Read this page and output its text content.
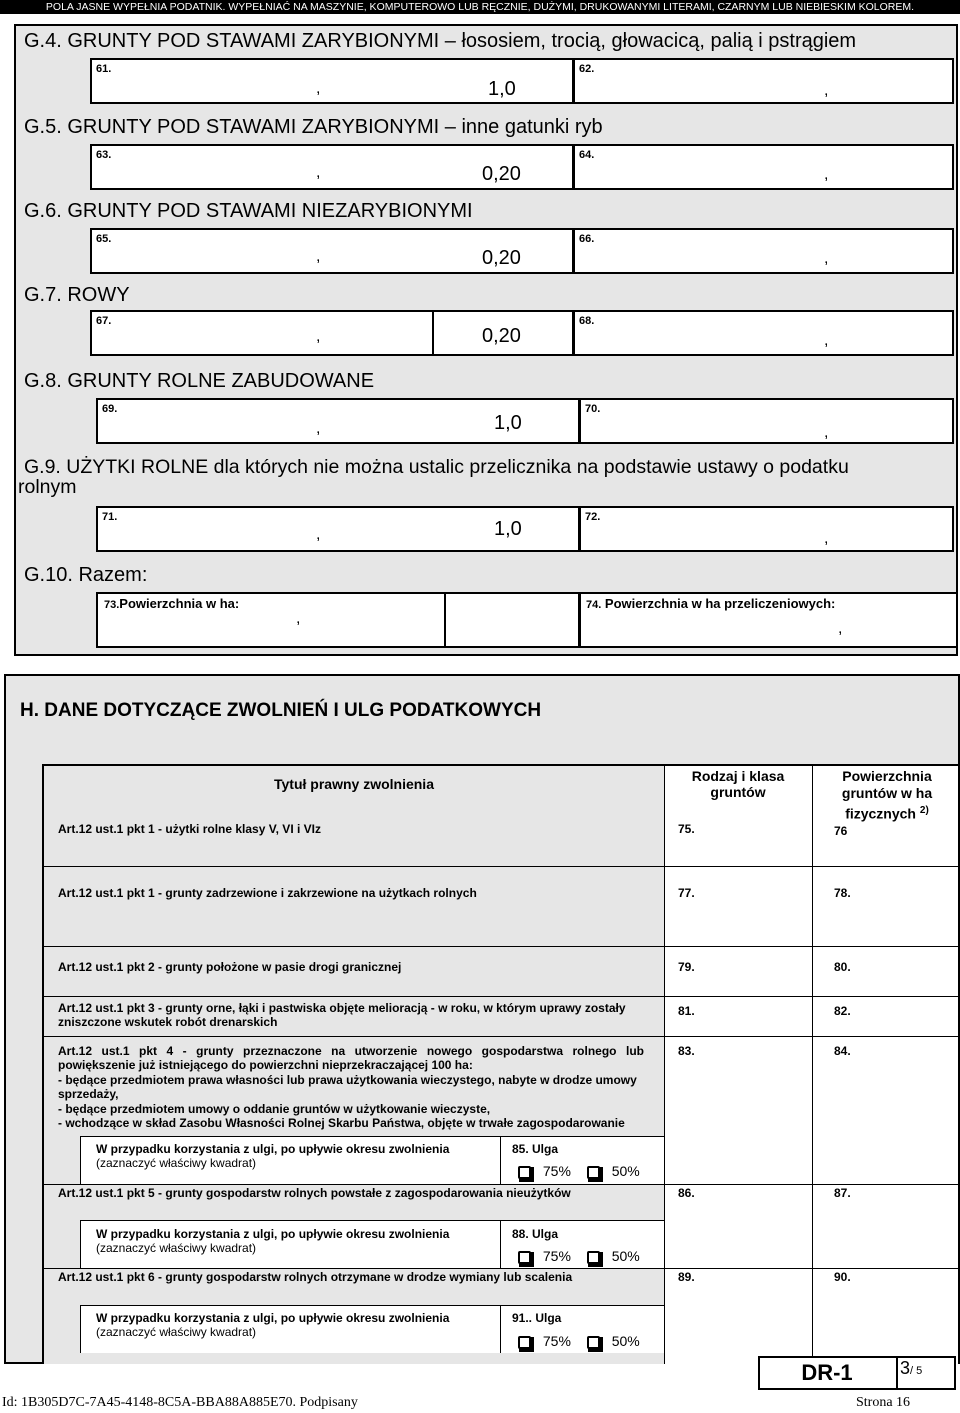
POLA JASNE WYPEŁNIA PODATNIK. WYPEŁNIAĆ NA MASZYNIE, KOMPUTEROWO LUB RĘCZNIE, DUŻYMI, DRUKOWANYMI LITERAMI, CZARNYM LUB NIEBIESKIM KOLOREM.
G.4. GRUNTY POD STAWAMI ZARYBIONYMI – łososiem, trocią, głowacicą, palią i pstrągiem
61.
,	1,0
62.
,
G.5. GRUNTY POD STAWAMI ZARYBIONYMI – inne gatunki ryb
63.
,	0,20
64.
,
G.6. GRUNTY POD STAWAMI NIEZARYBIONYMI
65.
,	0,20
66.
,
G.7. ROWY
67.
,	0,20
68.
,
G.8. GRUNTY ROLNE ZABUDOWANE
69.
,	1,0
70.
,
G.9. UŻYTKI ROLNE dla których nie można ustalic przelicznika na podstawie ustawy o podatku
rolnym
71.
,	1,0
72.
,
G.10. Razem:
73.Powierzchnia w ha:
,
74. Powierzchnia w ha przeliczeniowych:
,
H. DANE DOTYCZĄCE ZWOLNIEŃ I ULG PODATKOWYCH
Tytuł prawny zwolnienia	Rodzaj i klasa gruntów
Powierzchnia
gruntów w ha
fizycznych $^{2)}$
Art.12 ust.1 pkt 1 - użytki rolne klasy V, VI i VIz	75.	76
Art.12 ust.1 pkt 1 - grunty zadrzewione i zakrzewione na użytkach rolnych	77.	78.
Art.12 ust.1 pkt 2 - grunty położone w pasie drogi granicznej	79.	80.
Art.12 ust.1 pkt 3 - grunty orne, łąki i pastwiska objęte melioracją - w roku, w którym uprawy zostały
zniszczone wskutek robót drenarskich
81.	82.
Art.12 ust.1 pkt 4 - grunty przeznaczone na utworzenie nowego gospodarstwa rolnego lub
powiększenie już istniejącego do powierzchni nieprzekraczającej 100 ha:
- będące przedmiotem prawa własności lub prawa użytkowania wieczystego, nabyte w drodze umowy
sprzedaży,
- będące przedmiotem umowy o oddanie gruntów w użytkowanie wieczyste,
- wchodzące w skład Zasobu Własności Rolnej Skarbu Państwa, objęte w trwałe zagospodarowanie
83.	84.
W przypadku korzystania z ulgi, po upływie okresu zwolnienia
(zaznaczyć właściwy kwadrat)
85. Ulga
75%	50%
Art.12 ust.1 pkt 5 - grunty gospodarstw rolnych powstałe z zagospodarowania nieużytków	86.	87.
W przypadku korzystania z ulgi, po upływie okresu zwolnienia
(zaznaczyć właściwy kwadrat)
88. Ulga
75%	50%
Art.12 ust.1 pkt 6 - grunty gospodarstw rolnych otrzymane w drodze wymiany lub scalenia	89.	90.
W przypadku korzystania z ulgi, po upływie okresu zwolnienia
(zaznaczyć właściwy kwadrat)
91.. Ulga
75%	50%
DR-1	3/ 5
Id: 1B305D7C-7A45-4148-8C5A-BBA88A885E70. Podpisany	Strona 16
